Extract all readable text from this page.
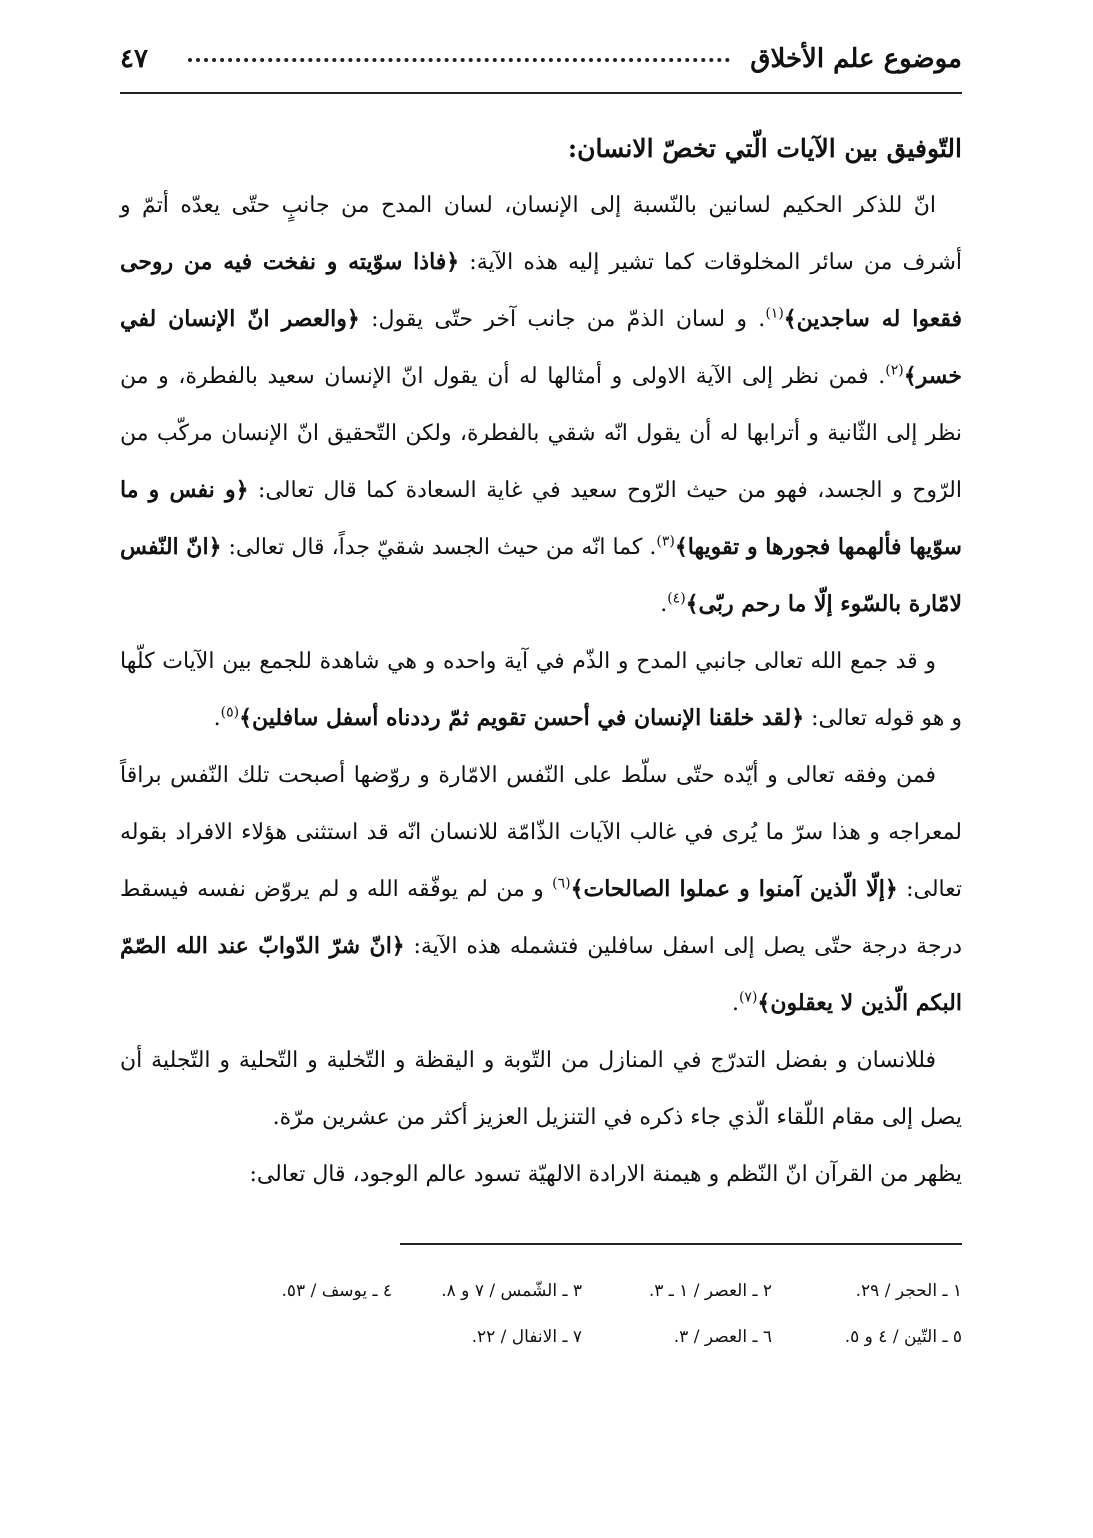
موضوع علم الأخلاق
٤٧

التّوفيق بين الآيات الّتي تخصّ الانسان:

انّ للذكر الحكيم لسانين بالنّسبة إلى الإنسان، لسان المدح من جانبٍ حتّى يعدّه أتمّ و أشرف من سائر المخلوقات كما تشير إليه هذه الآية: ﴿فاذا سوّيته و نفخت فيه من روحى فقعوا له ساجدين﴾$^{(١)}$. و لسان الذمّ من جانب آخر حتّى يقول: ﴿والعصر انّ الإنسان لفي خسر﴾$^{(٢)}$. فمن نظر إلى الآية الاولى و أمثالها له أن يقول انّ الإنسان سعيد بالفطرة، و من نظر إلى الثّانية و أترابها له أن يقول انّه شقي بالفطرة، ولكن التّحقيق انّ الإنسان مركّب من الرّوح و الجسد، فهو من حيث الرّوح سعيد في غاية السعادة كما قال تعالى: ﴿و نفس و ما سوّيها فألهمها فجورها و تقويها﴾$^{(٣)}$. كما انّه من حيث الجسد شقيّ جداً، قال تعالى: ﴿انّ النّفس لامّارة بالسّوء إلّا ما رحم ربّى﴾$^{(٤)}$.

و قد جمع الله تعالى جانبي المدح و الذّم في آية واحده و هي شاهدة للجمع بين الآيات كلّها و هو قوله تعالى: ﴿لقد خلقنا الإنسان في أحسن تقويم ثمّ رددناه أسفل سافلين﴾$^{(٥)}$.

فمن وفقه تعالى و أيّده حتّى سلّط على النّفس الامّارة و روّضها أصبحت تلك النّفس براقاً لمعراجه و هذا سرّ ما يُرى في غالب الآيات الذّامّة للانسان انّه قد استثنى هؤلاء الافراد بقوله تعالى: ﴿إلّا الّذين آمنوا و عملوا الصالحات﴾$^{(٦)}$ و من لم يوفّقه الله و لم يروّض نفسه فيسقط درجة درجة حتّى يصل إلى اسفل سافلين فتشمله هذه الآية: ﴿انّ شرّ الدّوابّ عند الله الصّمّ البكم الّذين لا يعقلون﴾$^{(٧)}$.

فللانسان و بفضل التدرّج في المنازل من التّوبة و اليقظة و التّخلية و التّحلية و التّجلية أن يصل إلى مقام اللّقاء الّذي جاء ذكره في التنزيل العزيز أكثر من عشرين مرّة.

يظهر من القرآن انّ النّظم و هيمنة الارادة الالهيّة تسود عالم الوجود، قال تعالى:

١ ـ الحجر / ٢٩.
٢ ـ العصر / ١ ـ ٣.
٣ ـ الشّمس / ٧ و ٨.
٤ ـ يوسف / ٥٣.
٥ ـ التّين / ٤ و ٥.
٦ ـ العصر / ٣.
٧ ـ الانفال / ٢٢.
